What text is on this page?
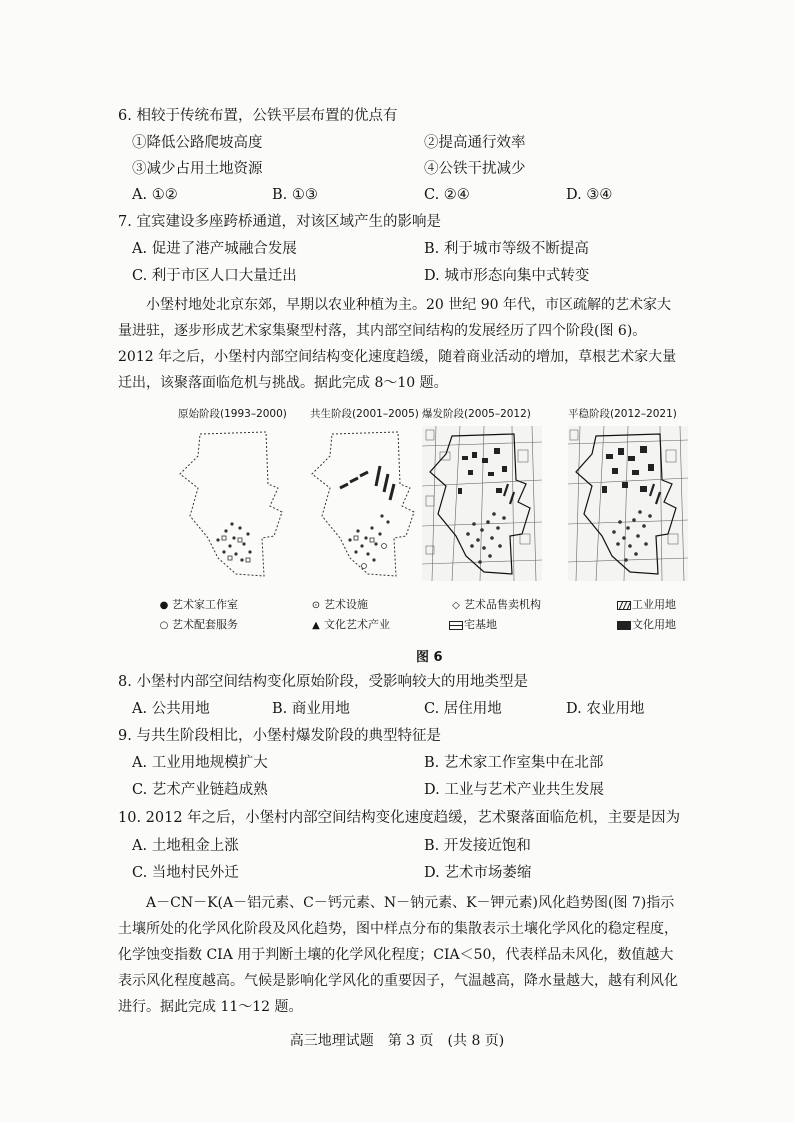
6. 相较于传统布置，公铁平层布置的优点有
①降低公路爬坡高度	②提高通行效率
③减少占用土地资源	④公铁干扰减少
A. ①②	B. ①③	C. ②④	D. ③④
7. 宜宾建设多座跨桥通道，对该区域产生的影响是
A. 促进了港产城融合发展	B. 利于城市等级不断提高
C. 利于市区人口大量迁出	D. 城市形态向集中式转变
小堡村地处北京东郊，早期以农业种植为主。20 世纪 90 年代，市区疏解的艺术家大量进驻，逐步形成艺术家集聚型村落，其内部空间结构的发展经历了四个阶段(图 6)。2012 年之后，小堡村内部空间结构变化速度趋缓，随着商业活动的增加，草根艺术家大量迁出，该聚落面临危机与挑战。据此完成 8～10 题。
原始阶段(1993–2000) 共生阶段(2001–2005) 爆发阶段(2005–2012)	平稳阶段(2012–2021)
● 艺术家工作室
○ 艺术配套服务
⊙ 艺术设施
▲ 文化艺术产业
◇ 艺术品售卖机构
宅基地
工业用地
文化用地
图 6
8. 小堡村内部空间结构变化原始阶段，受影响较大的用地类型是
A. 公共用地	B. 商业用地	C. 居住用地	D. 农业用地
9. 与共生阶段相比，小堡村爆发阶段的典型特征是
A. 工业用地规模扩大	B. 艺术家工作室集中在北部
C. 艺术产业链趋成熟	D. 工业与艺术产业共生发展
10. 2012 年之后，小堡村内部空间结构变化速度趋缓，艺术聚落面临危机，主要是因为
A. 土地租金上涨	B. 开发接近饱和
C. 当地村民外迁	D. 艺术市场萎缩
A－CN－K(A－铝元素、C－钙元素、N－钠元素、K－钾元素)风化趋势图(图 7)指示土壤所处的化学风化阶段及风化趋势，图中样点分布的集散表示土壤化学风化的稳定程度，化学蚀变指数 CIA 用于判断土壤的化学风化程度；CIA＜50，代表样品未风化，数值越大表示风化程度越高。气候是影响化学风化的重要因子，气温越高，降水量越大，越有利风化进行。据此完成 11～12 题。
高三地理试题　第 3 页　(共 8 页)
